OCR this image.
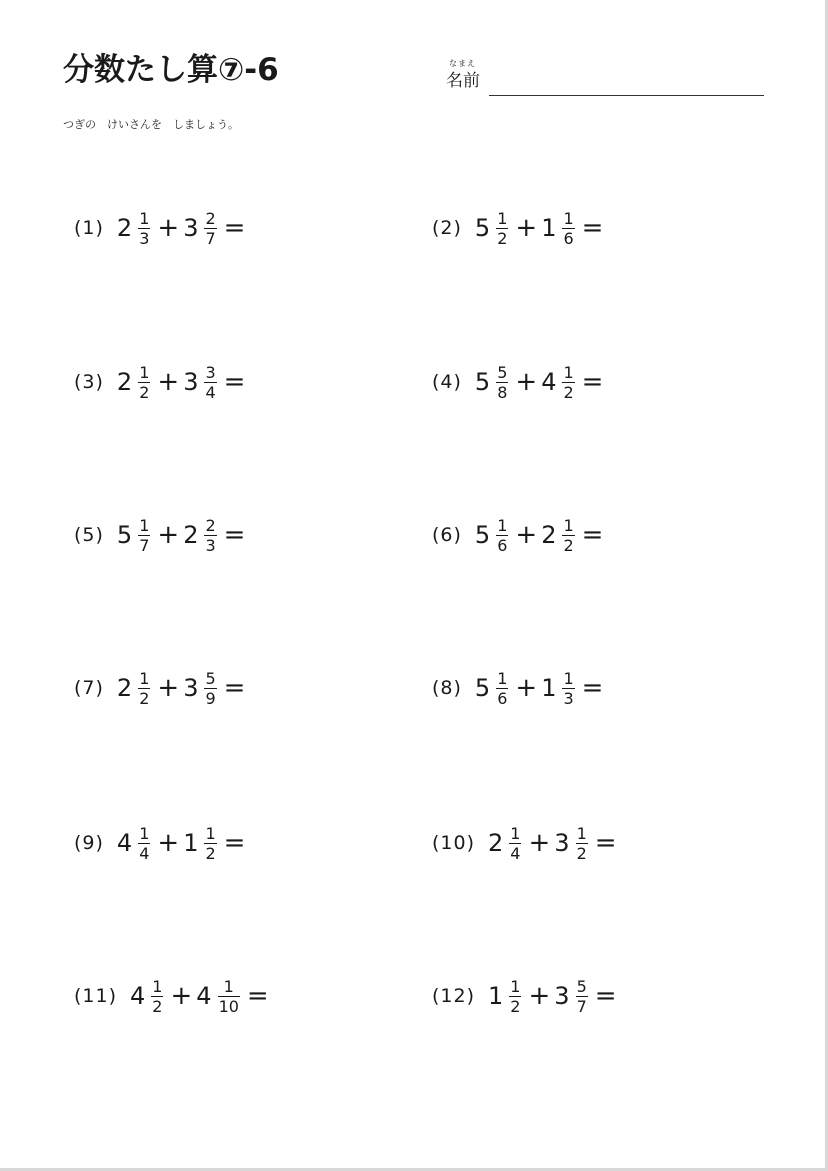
分数たし算⑦-6	なまえ
名前
つぎの　けいさんを　しましょう。
(1) $2 \frac{1}{3} + 3 \frac{2}{7}$ =	(2) $5 \frac{1}{2} + 1 \frac{1}{6}$ =
(3) $2 \frac{1}{2} + 3 \frac{3}{4}$ =	(4) $5 \frac{5}{8} + 4 \frac{1}{2}$ =
(5) $5 \frac{1}{7} + 2 \frac{2}{3}$ =	(6) $5 \frac{1}{6} + 2 \frac{1}{2}$ =
(7) $2 \frac{1}{2} + 3 \frac{5}{9}$ =	(8) $5 \frac{1}{6} + 1 \frac{1}{3}$ =
(9) $4 \frac{1}{4} + 1 \frac{1}{2}$ =	(10) $2 \frac{1}{4} + 3 \frac{1}{2}$ =
(11) $4 \frac{1}{2} + 4 \frac{1}{10}$ =	(12) $1 \frac{1}{2} + 3 \frac{5}{7}$ =
